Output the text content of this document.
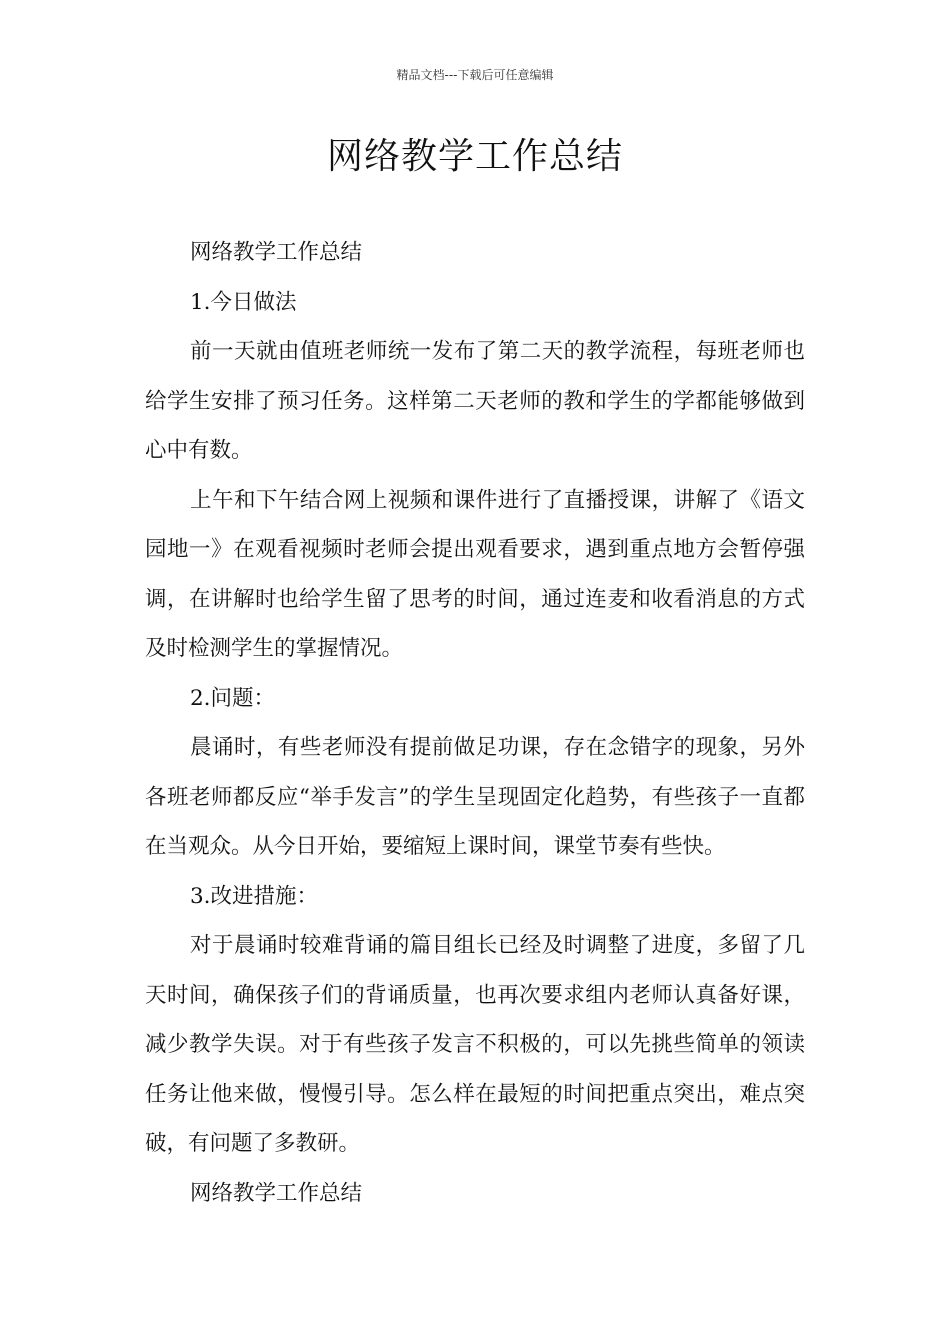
精品文档---下载后可任意编辑
网络教学工作总结

网络教学工作总结

1.今日做法

前一天就由值班老师统一发布了第二天的教学流程，每班老师也给学生安排了预习任务。这样第二天老师的教和学生的学都能够做到心中有数。

上午和下午结合网上视频和课件进行了直播授课，讲解了《语文园地一》在观看视频时老师会提出观看要求，遇到重点地方会暂停强调，在讲解时也给学生留了思考的时间，通过连麦和收看消息的方式及时检测学生的掌握情况。

2.问题：

晨诵时，有些老师没有提前做足功课，存在念错字的现象，另外各班老师都反应“举手发言”的学生呈现固定化趋势，有些孩子一直都在当观众。从今日开始，要缩短上课时间，课堂节奏有些快。

3.改进措施：

对于晨诵时较难背诵的篇目组长已经及时调整了进度，多留了几天时间，确保孩子们的背诵质量，也再次要求组内老师认真备好课，减少教学失误。对于有些孩子发言不积极的，可以先挑些简单的领读任务让他来做，慢慢引导。怎么样在最短的时间把重点突出，难点突破，有问题了多教研。

网络教学工作总结
